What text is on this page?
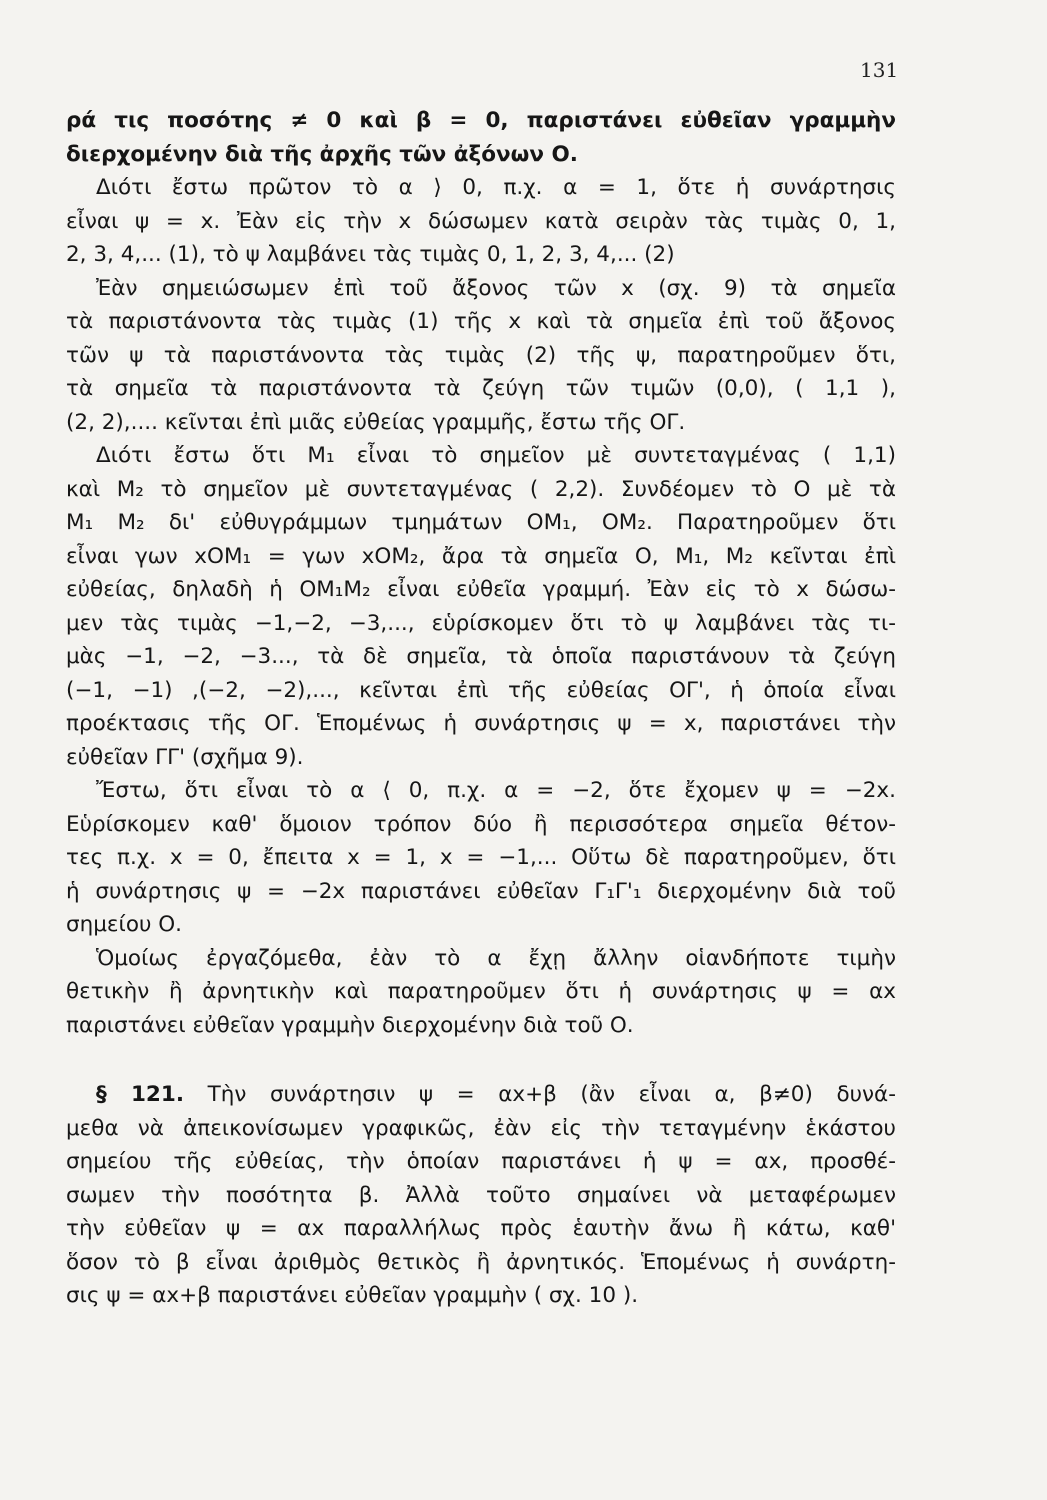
131
ρά τις ποσότης ≠ 0 καὶ β = 0, παριστάνει εὐθεῖαν γραμμὴν
διερχομένην διὰ τῆς ἀρχῆς τῶν ἀξόνων Ο.
Διότι ἔστω πρῶτον τὸ α ⟩ 0, π.χ. α = 1, ὅτε ἡ συνάρτησις
εἶναι ψ = x. Ἐὰν εἰς τὴν x δώσωμεν κατὰ σειρὰν τὰς τιμὰς 0, 1,
2, 3, 4,... (1), τὸ ψ λαμβάνει τὰς τιμὰς 0, 1, 2, 3, 4,... (2)
Ἐὰν σημειώσωμεν ἐπὶ τοῦ ἄξονος τῶν x (σχ. 9) τὰ σημεῖα
τὰ παριστάνοντα τὰς τιμὰς (1) τῆς x καὶ τὰ σημεῖα ἐπὶ τοῦ ἄξονος
τῶν ψ τὰ παριστάνοντα τὰς τιμὰς (2) τῆς ψ, παρατηροῦμεν ὅτι,
τὰ σημεῖα τὰ παριστάνοντα τὰ ζεύγη τῶν τιμῶν (0,0), ( 1,1 ),
(2, 2),.... κεῖνται ἐπὶ μιᾶς εὐθείας γραμμῆς, ἔστω τῆς ΟΓ.
Διότι ἔστω ὅτι Μ₁ εἶναι τὸ σημεῖον μὲ συντεταγμένας ( 1,1)
καὶ Μ₂ τὸ σημεῖον μὲ συντεταγμένας ( 2,2). Συνδέομεν τὸ Ο μὲ τὰ
Μ₁ Μ₂ δι' εὐθυγράμμων τμημάτων ΟΜ₁, ΟΜ₂. Παρατηροῦμεν ὅτι
εἶναι γων xOΜ₁ = γων xOΜ₂, ἄρα τὰ σημεῖα Ο, Μ₁, Μ₂ κεῖνται ἐπὶ
εὐθείας, δηλαδὴ ἡ ΟΜ₁Μ₂ εἶναι εὐθεῖα γραμμή. Ἐὰν εἰς τὸ x δώσω-
μεν τὰς τιμὰς −1,−2, −3,..., εὑρίσκομεν ὅτι τὸ ψ λαμβάνει τὰς τι-
μὰς −1, −2, −3..., τὰ δὲ σημεῖα, τὰ ὁποῖα παριστάνουν τὰ ζεύγη
(−1, −1) ,(−2, −2),..., κεῖνται ἐπὶ τῆς εὐθείας ΟΓ', ἡ ὁποία εἶναι
προέκτασις τῆς ΟΓ. Ἑπομένως ἡ συνάρτησις ψ = x, παριστάνει τὴν
εὐθεῖαν ΓΓ' (σχῆμα 9).
Ἔστω, ὅτι εἶναι τὸ α ⟨ 0, π.χ. α = −2, ὅτε ἔχομεν ψ = −2x.
Εὑρίσκομεν καθ' ὅμοιον τρόπον δύο ἢ περισσότερα σημεῖα θέτον-
τες π.χ. x = 0, ἔπειτα x = 1, x = −1,... Οὕτω δὲ παρατηροῦμεν, ὅτι
ἡ συνάρτησις ψ = −2x παριστάνει εὐθεῖαν Γ₁Γ'₁ διερχομένην διὰ τοῦ
σημείου Ο.
Ὁμοίως ἐργαζόμεθα, ἐὰν τὸ α ἔχῃ ἄλλην οἱανδήποτε τιμὴν
θετικὴν ἢ ἀρνητικὴν καὶ παρατηροῦμεν ὅτι ἡ συνάρτησις ψ = αx
παριστάνει εὐθεῖαν γραμμὴν διερχομένην διὰ τοῦ Ο.
§ 121. Τὴν συνάρτησιν ψ = αx+β (ἂν εἶναι α, β≠0) δυνά-
μεθα νὰ ἀπεικονίσωμεν γραφικῶς, ἐὰν εἰς τὴν τεταγμένην ἑκάστου
σημείου τῆς εὐθείας, τὴν ὁποίαν παριστάνει ἡ ψ = αx, προσθέ-
σωμεν τὴν ποσότητα β. Ἀλλὰ τοῦτο σημαίνει νὰ μεταφέρωμεν
τὴν εὐθεῖαν ψ = αx παραλλήλως πρὸς ἑαυτὴν ἄνω ἢ κάτω, καθ'
ὅσον τὸ β εἶναι ἀριθμὸς θετικὸς ἢ ἀρνητικός. Ἑπομένως ἡ συνάρτη-
σις ψ = αx+β παριστάνει εὐθεῖαν γραμμὴν ( σχ. 10 ).
